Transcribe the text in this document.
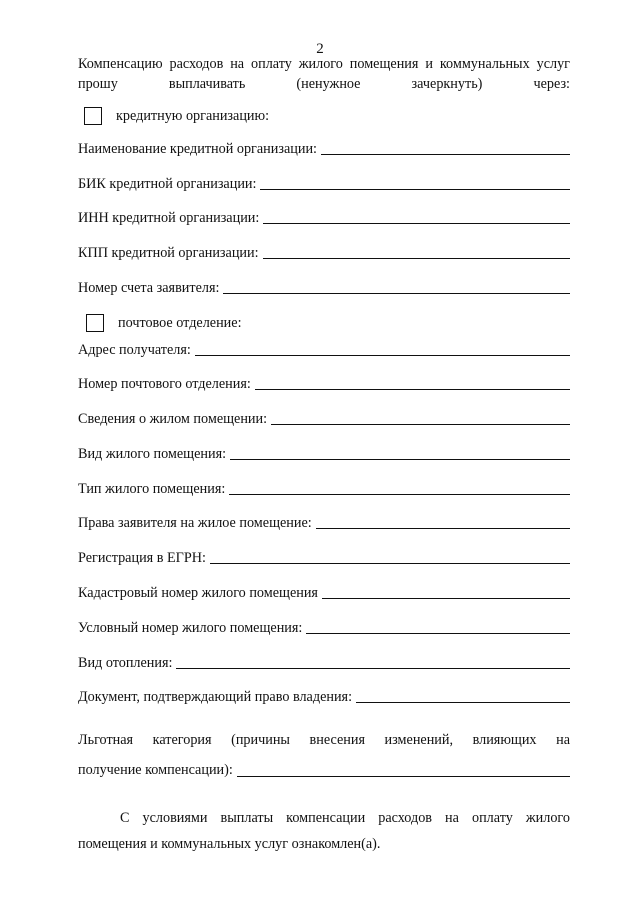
2
Компенсацию расходов на оплату жилого помещения и коммунальных услуг прошу выплачивать (ненужное зачеркнуть) через:
кредитную организацию:
Наименование кредитной организации:
БИК кредитной организации:
ИНН кредитной организации:
КПП кредитной организации:
Номер счета заявителя:
почтовое отделение:
Адрес получателя:
Номер почтового отделения:
Сведения о жилом помещении:
Вид жилого помещения:
Тип жилого помещения:
Права заявителя на жилое помещение:
Регистрация в ЕГРН:
Кадастровый номер жилого помещения
Условный номер жилого помещения:
Вид отопления:
Документ, подтверждающий право владения:
Льготная категория (причины внесения изменений, влияющих на
получение компенсации):
С условиями выплаты компенсации расходов на оплату жилого помещения и коммунальных услуг ознакомлен(а).
